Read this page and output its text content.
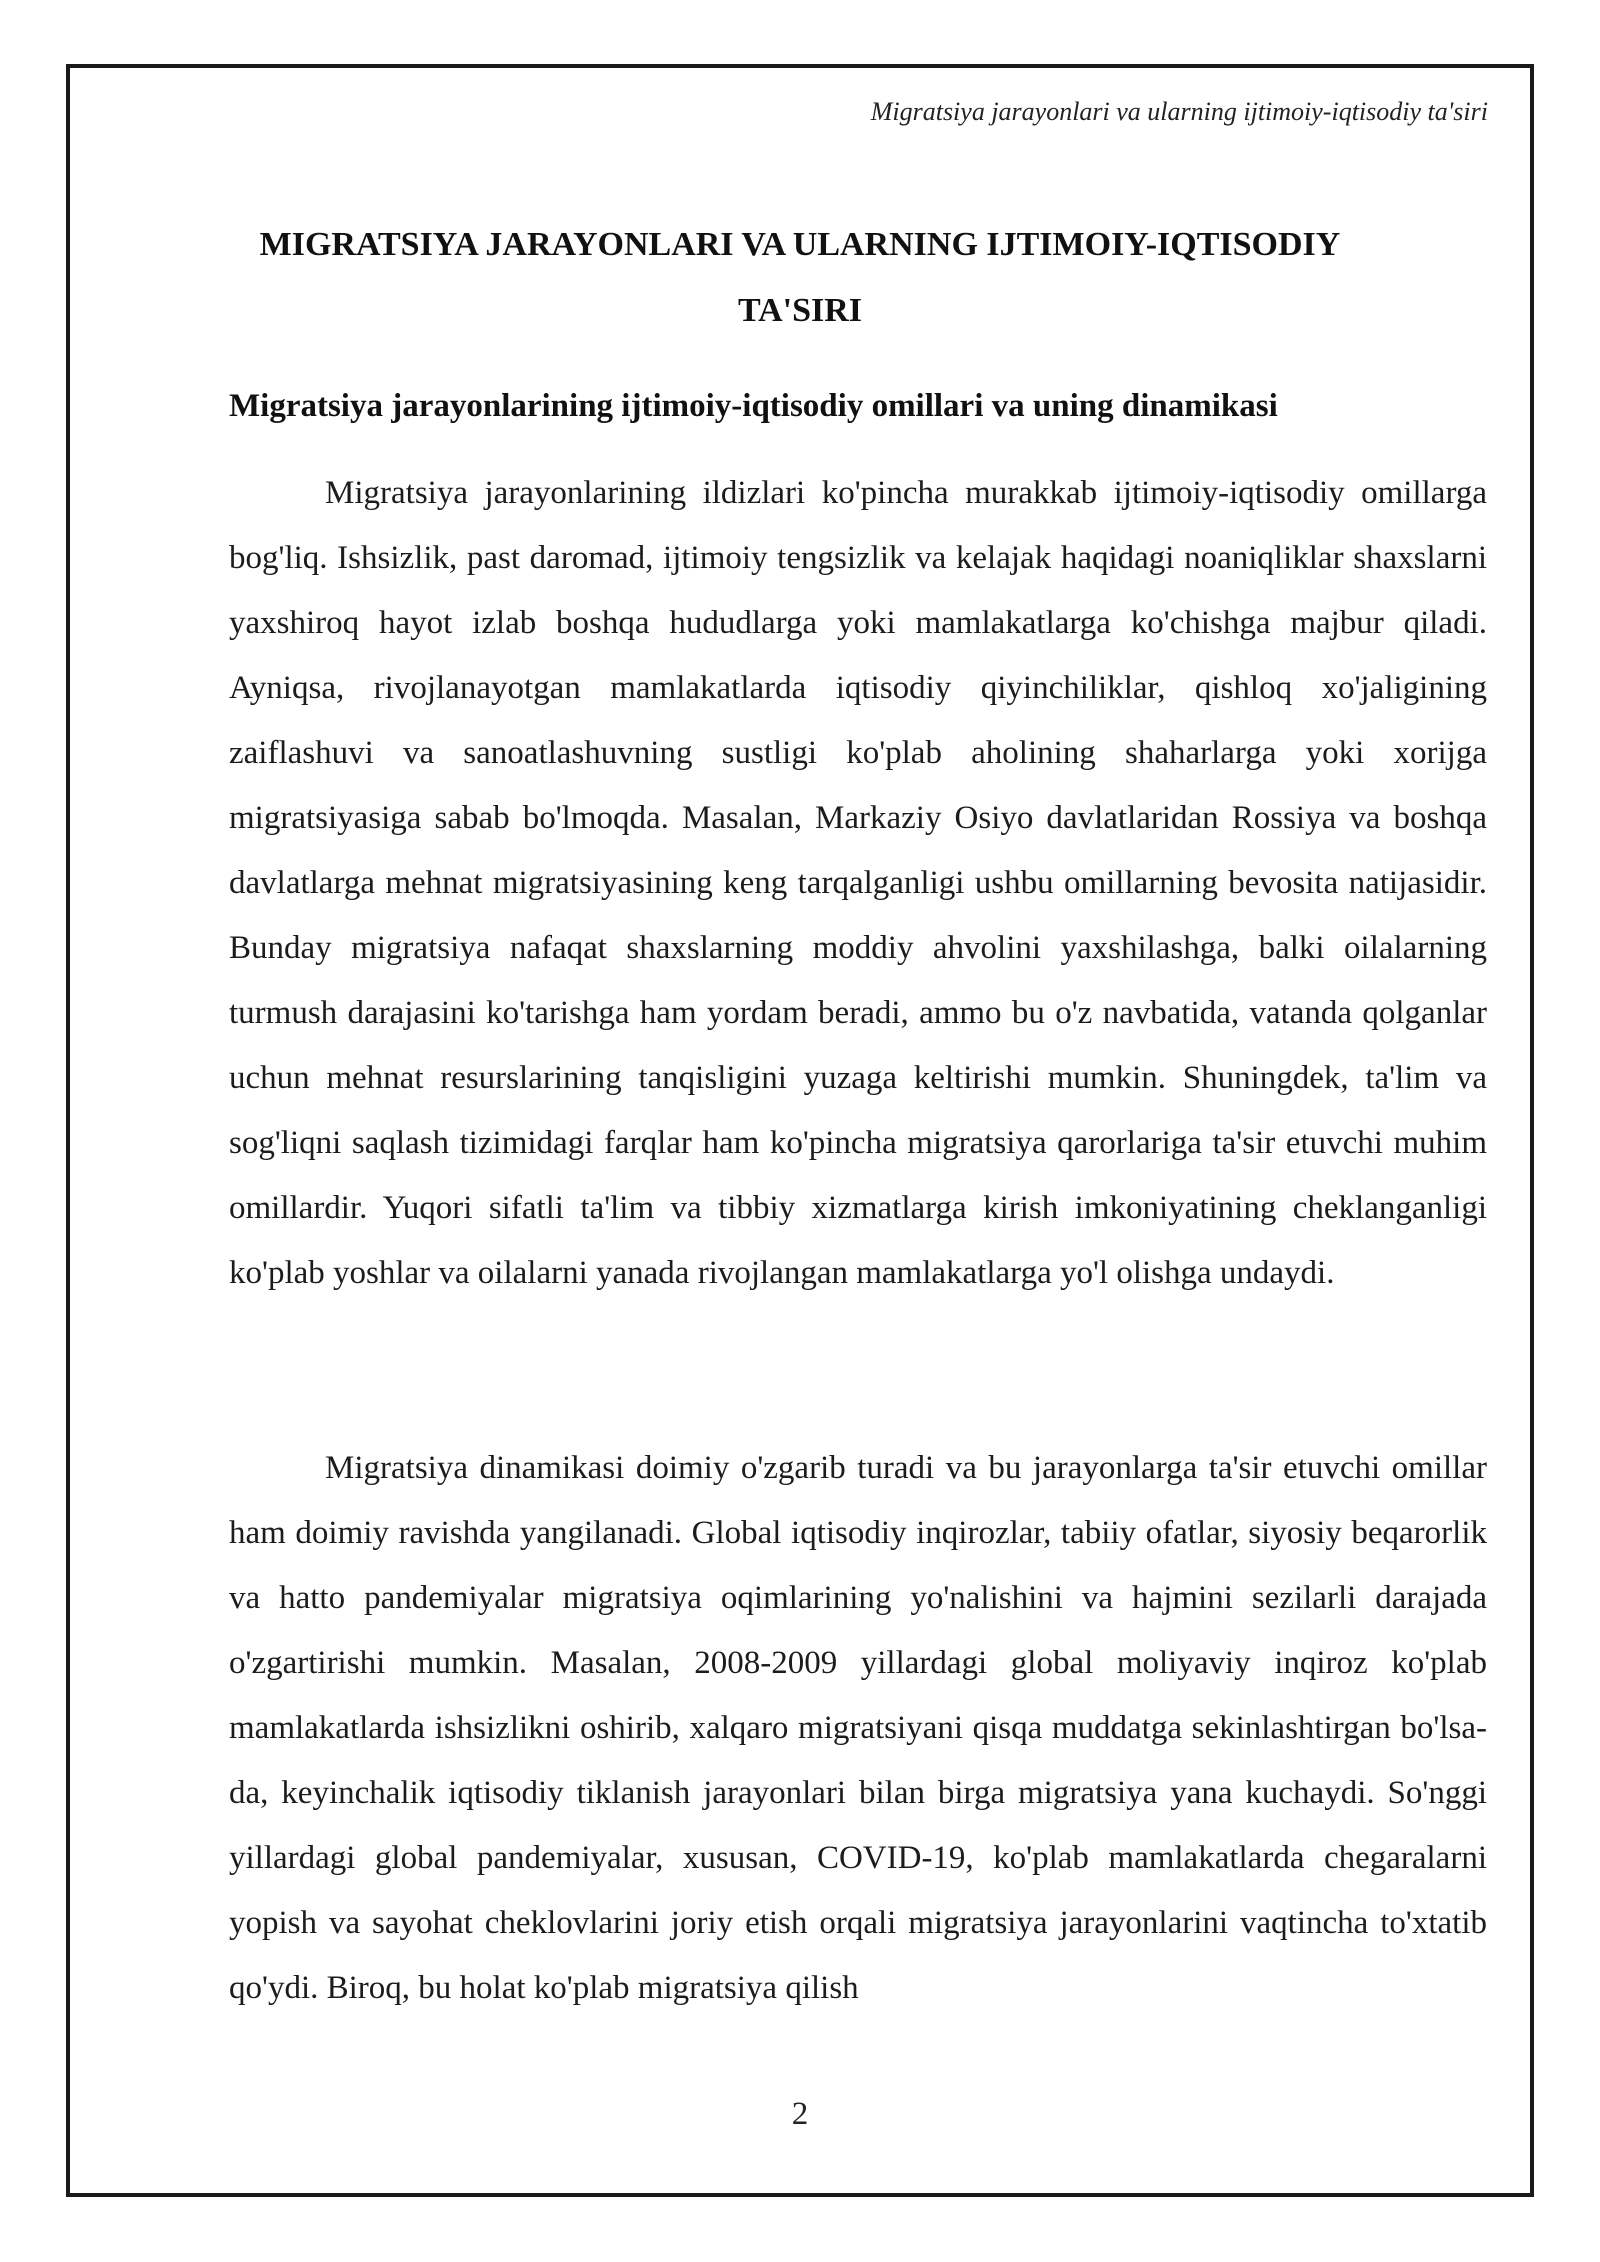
Migratsiya jarayonlari va ularning ijtimoiy-iqtisodiy ta'siri
MIGRATSIYA JARAYONLARI VA ULARNING IJTIMOIY-IQTISODIY TA'SIRI
Migratsiya jarayonlarining ijtimoiy-iqtisodiy omillari va uning dinamikasi

Migratsiya jarayonlarining ildizlari ko'pincha murakkab ijtimoiy-iqtisodiy omillarga bog'liq. Ishsizlik, past daromad, ijtimoiy tengsizlik va kelajak haqidagi noaniqliklar shaxslarni yaxshiroq hayot izlab boshqa hududlarga yoki mamlakatlarga ko'chishga majbur qiladi. Ayniqsa, rivojlanayotgan mamlakatlarda iqtisodiy qiyinchiliklar, qishloq xo'jaligining zaiflashuvi va sanoatlashuvning sustligi ko'plab aholining shaharlarga yoki xorijga migratsiyasiga sabab bo'lmoqda. Masalan, Markaziy Osiyo davlatlaridan Rossiya va boshqa davlatlarga mehnat migratsiyasining keng tarqalganligi ushbu omillarning bevosita natijasidir. Bunday migratsiya nafaqat shaxslarning moddiy ahvolini yaxshilashga, balki oilalarning turmush darajasini ko'tarishga ham yordam beradi, ammo bu o'z navbatida, vatanda qolganlar uchun mehnat resurslarining tanqisligini yuzaga keltirishi mumkin. Shuningdek, ta'lim va sog'liqni saqlash tizimidagi farqlar ham ko'pincha migratsiya qarorlariga ta'sir etuvchi muhim omillardir. Yuqori sifatli ta'lim va tibbiy xizmatlarga kirish imkoniyatining cheklanganligi ko'plab yoshlar va oilalarni yanada rivojlangan mamlakatlarga yo'l olishga undaydi.

Migratsiya dinamikasi doimiy o'zgarib turadi va bu jarayonlarga ta'sir etuvchi omillar ham doimiy ravishda yangilanadi. Global iqtisodiy inqirozlar, tabiiy ofatlar, siyosiy beqarorlik va hatto pandemiyalar migratsiya oqimlarining yo'nalishini va hajmini sezilarli darajada o'zgartirishi mumkin. Masalan, 2008-2009 yillardagi global moliyaviy inqiroz ko'plab mamlakatlarda ishsizlikni oshirib, xalqaro migratsiyani qisqa muddatga sekinlashtirgan bo'lsa-da, keyinchalik iqtisodiy tiklanish jarayonlari bilan birga migratsiya yana kuchaydi. So'nggi yillardagi global pandemiyalar, xususan, COVID-19, ko'plab mamlakatlarda chegaralarni yopish va sayohat cheklovlarini joriy etish orqali migratsiya jarayonlarini vaqtincha to'xtatib qo'ydi. Biroq, bu holat ko'plab migratsiya qilish

2
